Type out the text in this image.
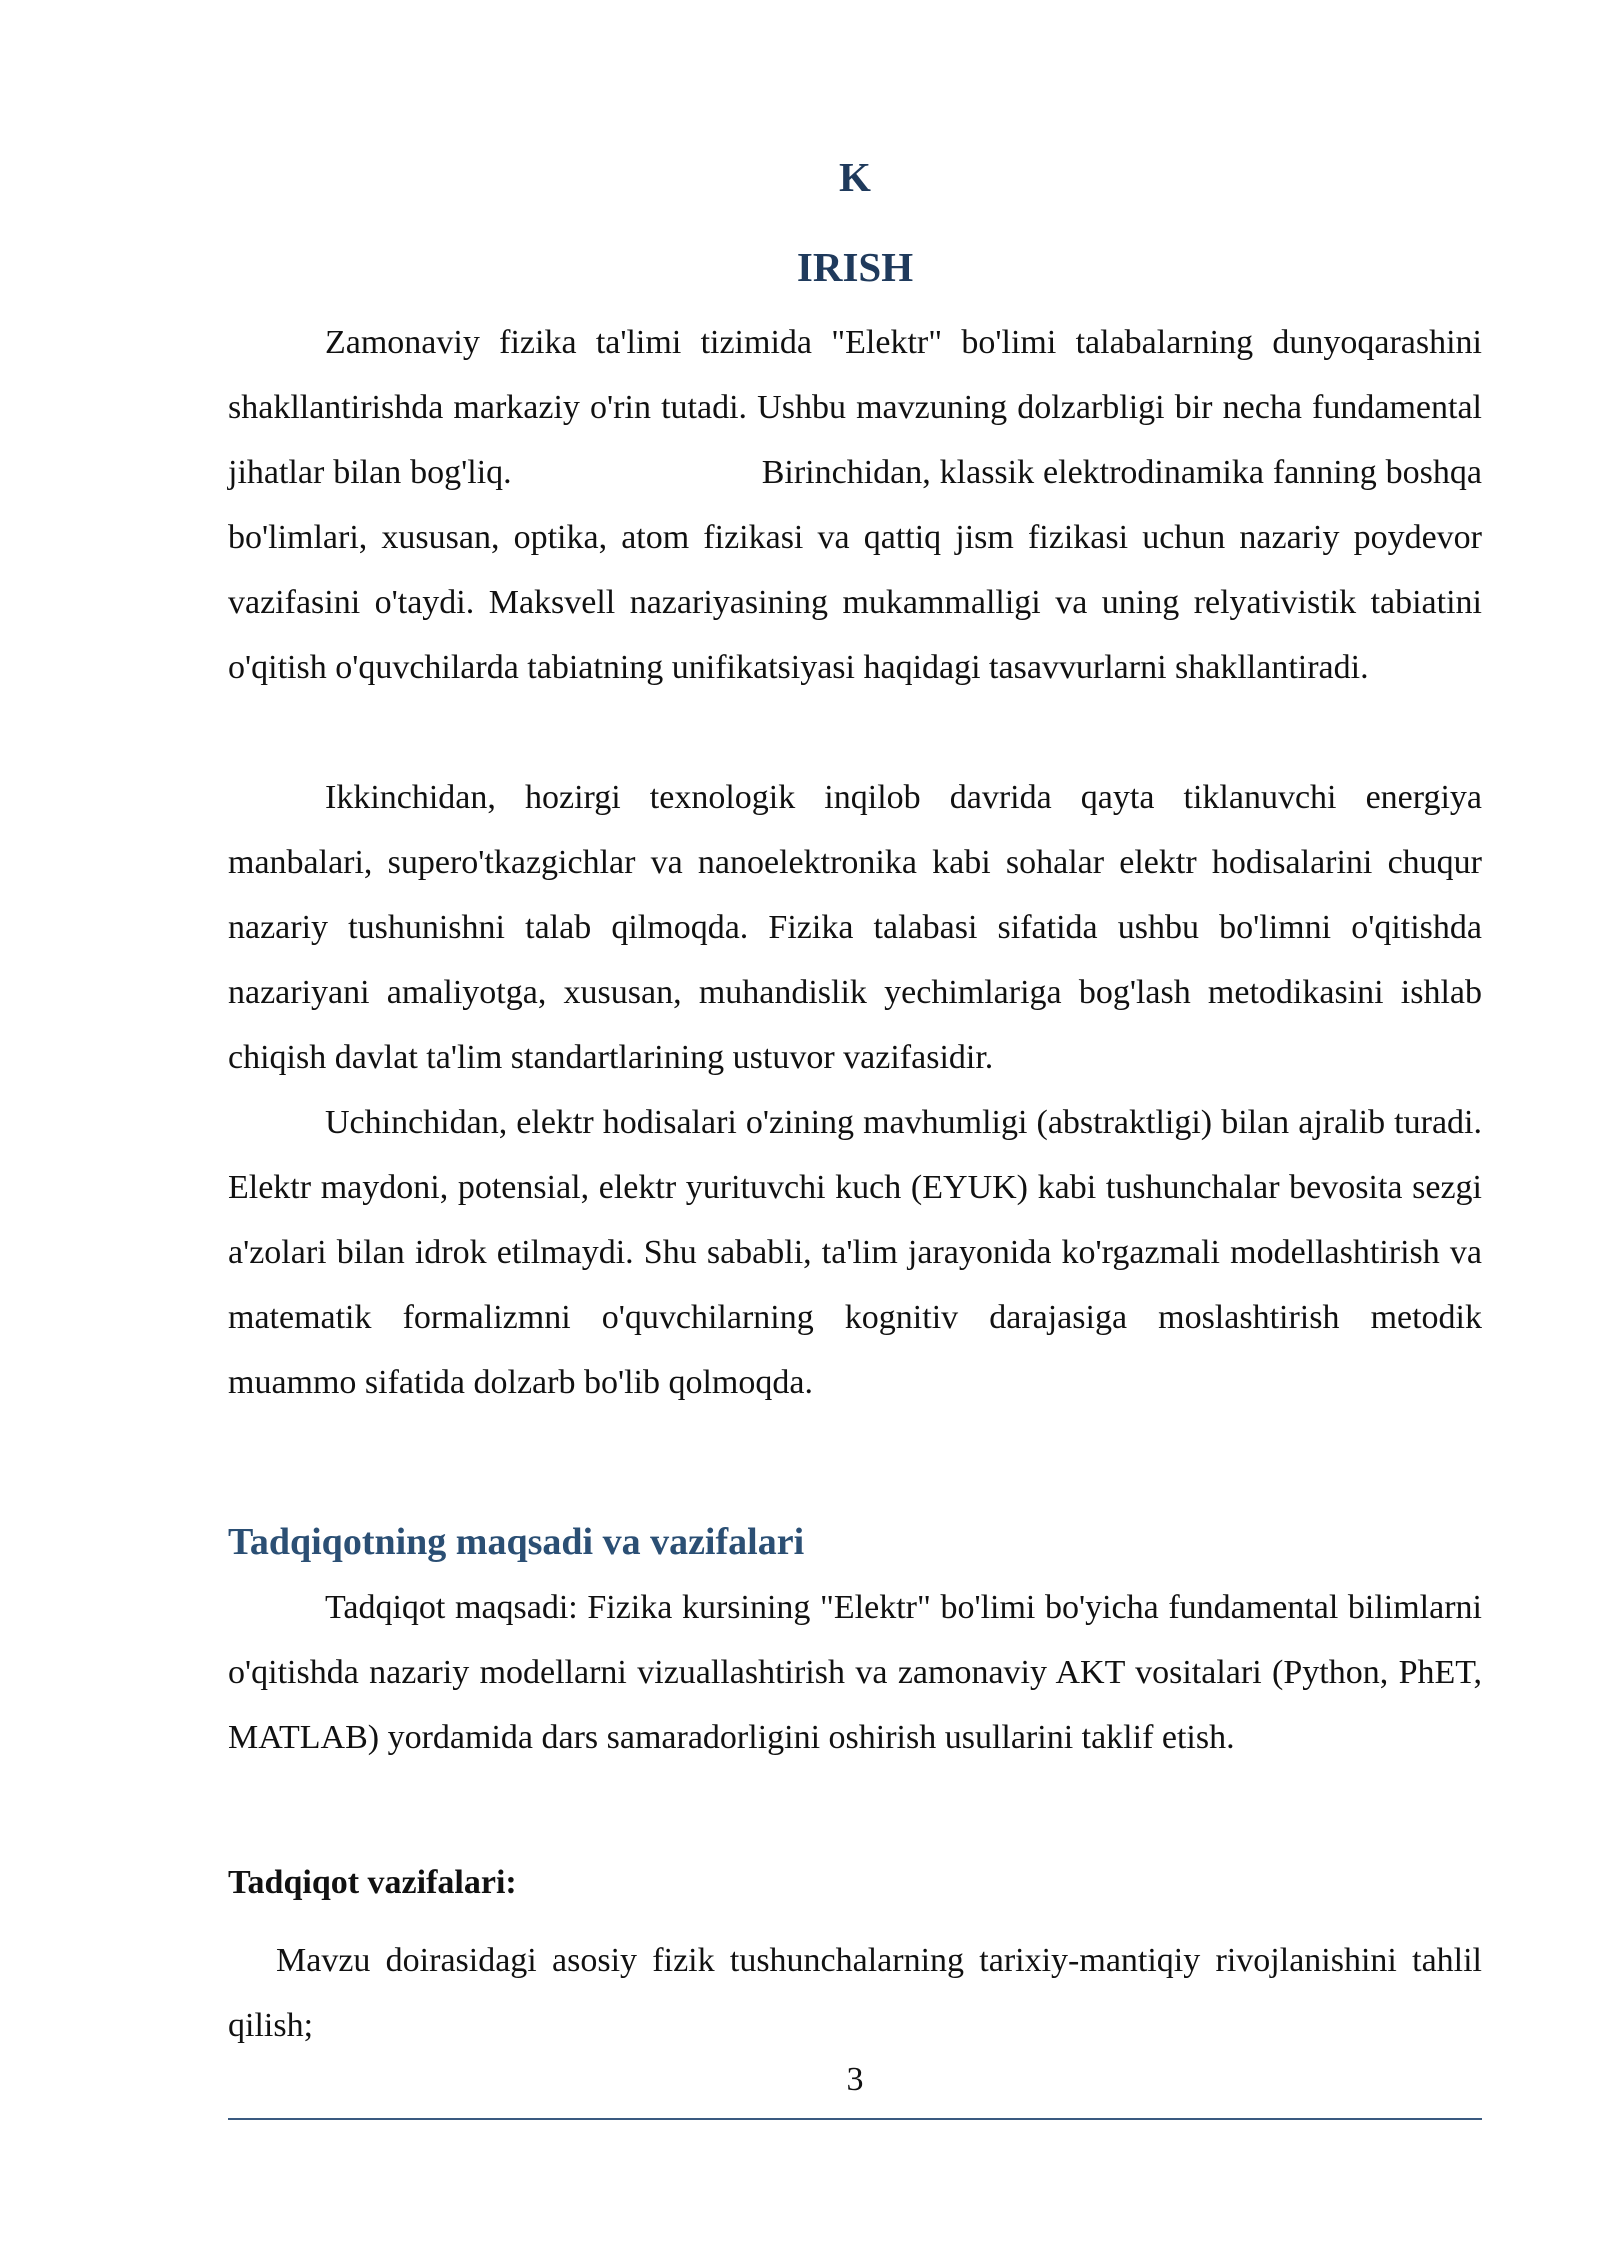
K
IRISH

Zamonaviy fizika ta'limi tizimida "Elektr" bo'limi talabalarning dunyoqarashini shakllantirishda markaziy o'rin tutadi. Ushbu mavzuning dolzarbligi bir necha fundamental jihatlar bilan bog'liq.                            Birinchidan, klassik elektrodinamika fanning boshqa bo'limlari, xususan, optika, atom fizikasi va qattiq jism fizikasi uchun nazariy poydevor vazifasini o'taydi. Maksvell nazariyasining mukammalligi va uning relyativistik tabiatini o'qitish o'quvchilarda tabiatning unifikatsiyasi haqidagi tasavvurlarni shakllantiradi.

Ikkinchidan, hozirgi texnologik inqilob davrida qayta tiklanuvchi energiya manbalari, supero'tkazgichlar va nanoelektronika kabi sohalar elektr hodisalarini chuqur nazariy tushunishni talab qilmoqda. Fizika talabasi sifatida ushbu bo'limni o'qitishda nazariyani amaliyotga, xususan, muhandislik yechimlariga bog'lash metodikasini ishlab chiqish davlat ta'lim standartlarining ustuvor vazifasidir.

Uchinchidan, elektr hodisalari o'zining mavhumligi (abstraktligi) bilan ajralib turadi. Elektr maydoni, potensial, elektr yurituvchi kuch (EYUK) kabi tushunchalar bevosita sezgi a'zolari bilan idrok etilmaydi. Shu sababli, ta'lim jarayonida ko'rgazmali modellashtirish va matematik formalizmni o'quvchilarning kognitiv darajasiga moslashtirish metodik muammo sifatida dolzarb bo'lib qolmoqda.

Tadqiqotning maqsadi va vazifalari

Tadqiqot maqsadi: Fizika kursining "Elektr" bo'limi bo'yicha fundamental bilimlarni o'qitishda nazariy modellarni vizuallashtirish va zamonaviy AKT vositalari (Python, PhET, MATLAB) yordamida dars samaradorligini oshirish usullarini taklif etish.

Tadqiqot vazifalari:

Mavzu doirasidagi asosiy fizik tushunchalarning tarixiy-mantiqiy rivojlanishini tahlil qilish;

3
